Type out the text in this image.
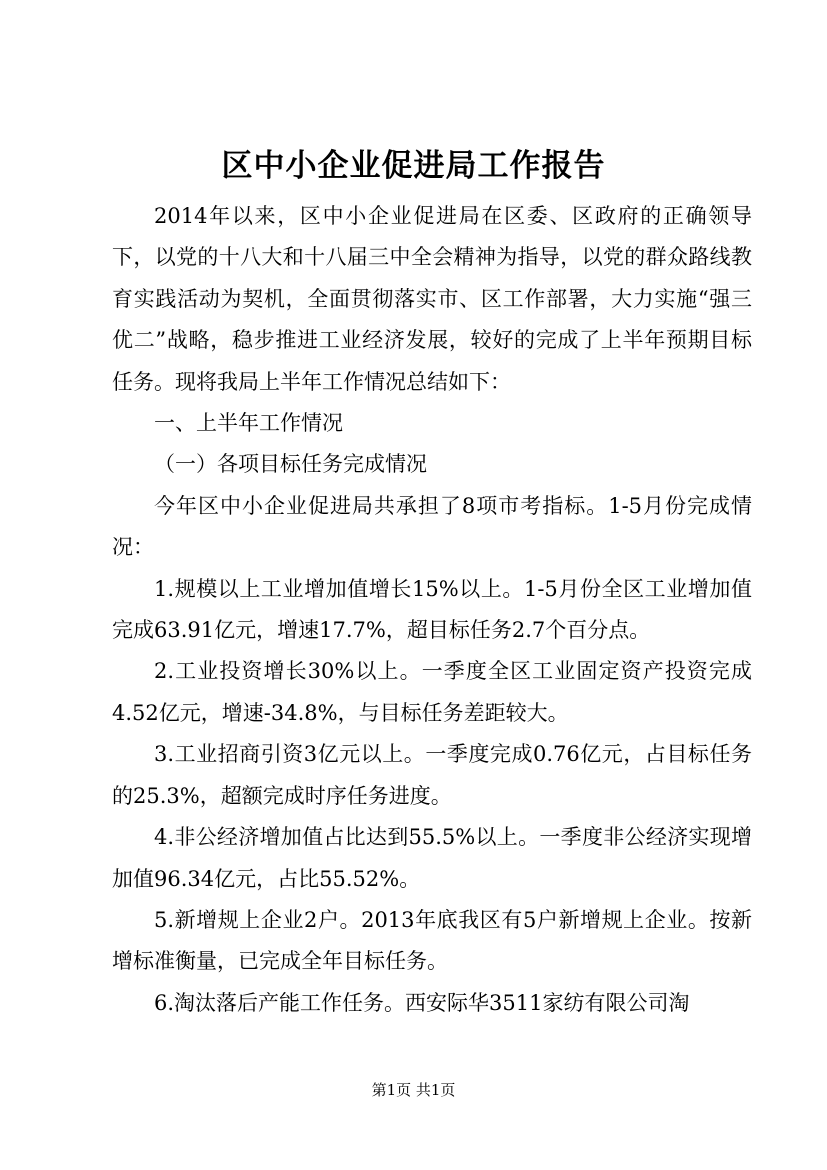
区中小企业促进局工作报告

2014年以来，区中小企业促进局在区委、区政府的正确领导下，以党的十八大和十八届三中全会精神为指导，以党的群众路线教育实践活动为契机，全面贯彻落实市、区工作部署，大力实施“强三优二”战略，稳步推进工业经济发展，较好的完成了上半年预期目标任务。现将我局上半年工作情况总结如下：

一、上半年工作情况

（一）各项目标任务完成情况

今年区中小企业促进局共承担了8项市考指标。1-5月份完成情况：

1.规模以上工业增加值增长15%以上。1-5月份全区工业增加值完成63.91亿元，增速17.7%，超目标任务2.7个百分点。

2.工业投资增长30%以上。一季度全区工业固定资产投资完成4.52亿元，增速-34.8%，与目标任务差距较大。

3.工业招商引资3亿元以上。一季度完成0.76亿元，占目标任务的25.3%，超额完成时序任务进度。

4.非公经济增加值占比达到55.5%以上。一季度非公经济实现增加值96.34亿元，占比55.52%。

5.新增规上企业2户。2013年底我区有5户新增规上企业。按新增标准衡量，已完成全年目标任务。

6.淘汰落后产能工作任务。西安际华3511家纺有限公司淘

第1页 共1页
